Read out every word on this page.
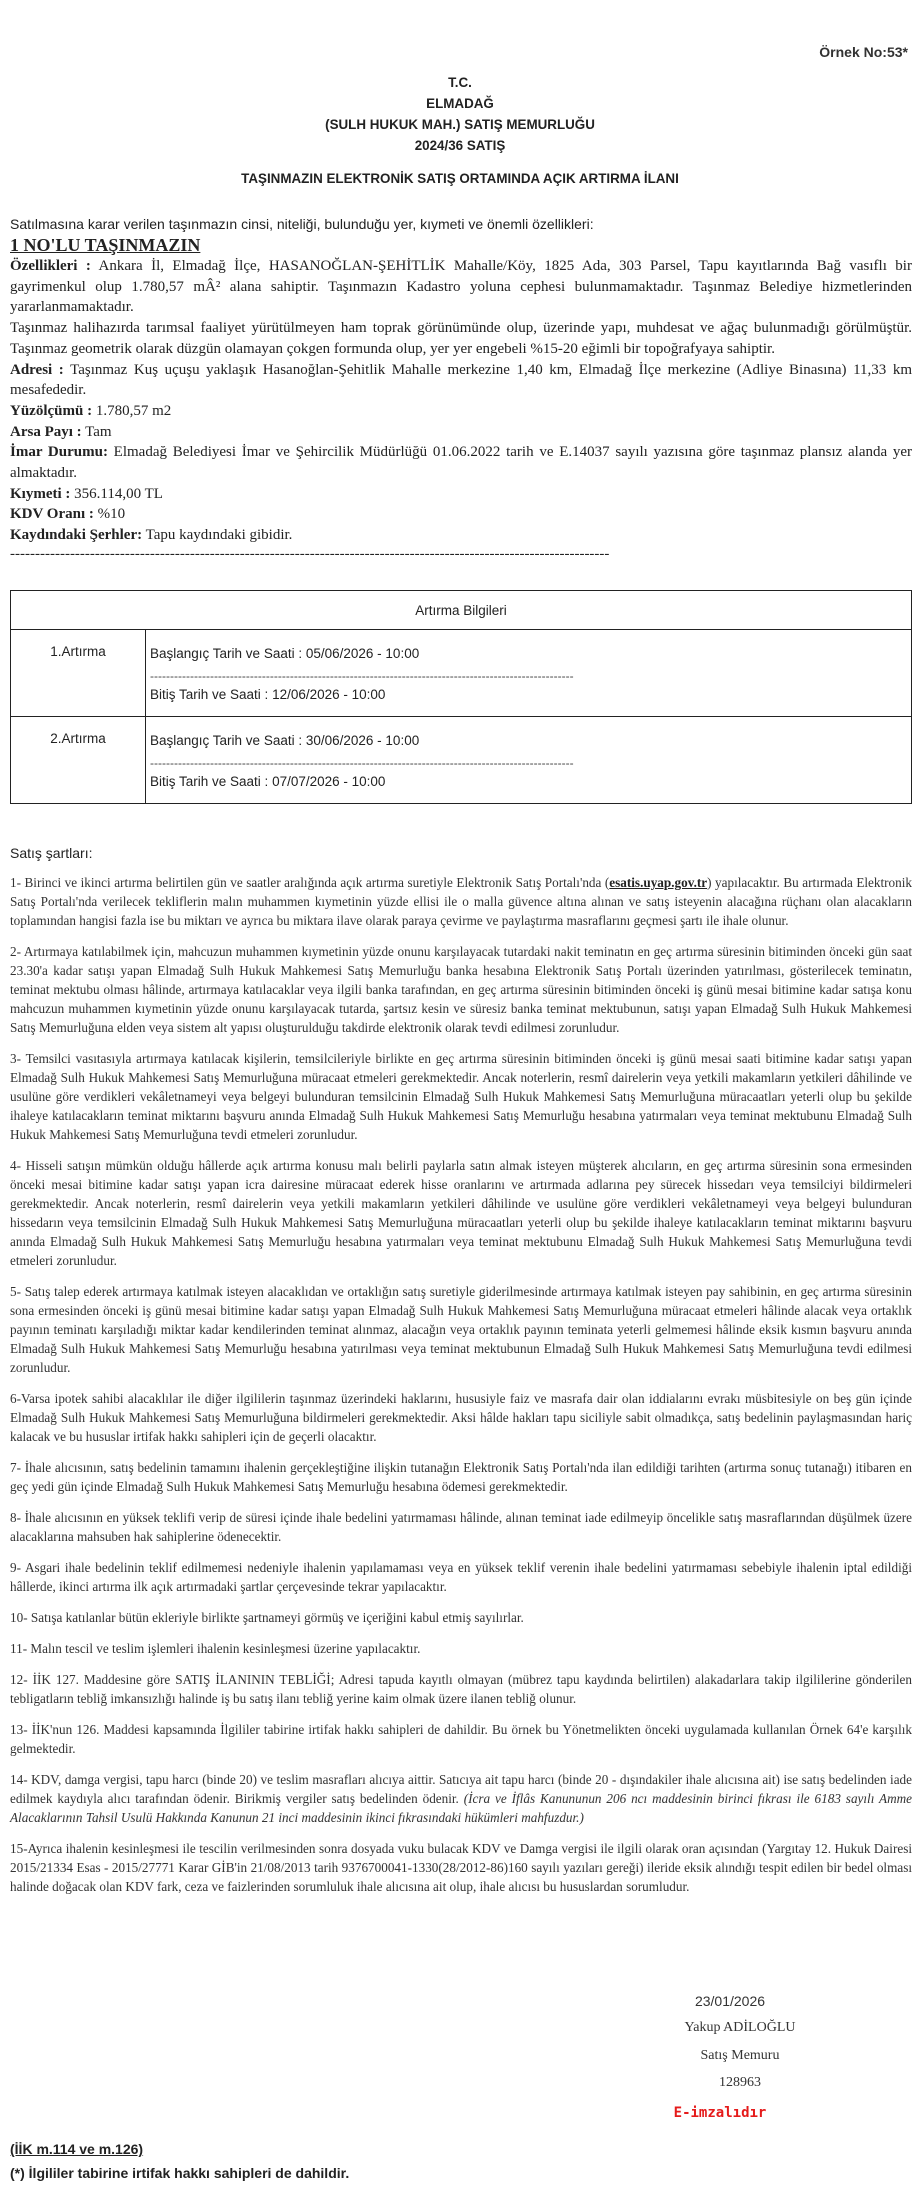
Örnek No:53*
T.C.
ELMADAĞ
(SULH HUKUK MAH.) SATIŞ MEMURLUĞU
2024/36 SATIŞ
TAŞINMAZIN ELEKTRONİK SATIŞ ORTAMINDA AÇIK ARTIRMA İLANI
Satılmasına karar verilen taşınmazın cinsi, niteliği, bulunduğu yer, kıymeti ve önemli özellikleri:
1 NO'LU TAŞINMAZIN
Özellikleri : Ankara İl, Elmadağ İlçe, HASANOĞLAN-ŞEHİTLİK Mahalle/Köy, 1825 Ada, 303 Parsel, Tapu kayıtlarında Bağ vasıflı bir gayrimenkul olup 1.780,57 mÂ² alana sahiptir. Taşınmazın Kadastro yoluna cephesi bulunmamaktadır. Taşınmaz Belediye hizmetlerinden yararlanmamaktadır.
Taşınmaz halihazırda tarımsal faaliyet yürütülmeyen ham toprak görünümünde olup, üzerinde yapı, muhdesat ve ağaç bulunmadığı görülmüştür. Taşınmaz geometrik olarak düzgün olamayan çokgen formunda olup, yer yer engebeli %15-20 eğimli bir topoğrafyaya sahiptir.
Adresi : Taşınmaz Kuş uçuşu yaklaşık Hasanoğlan-Şehitlik Mahalle merkezine 1,40 km, Elmadağ İlçe merkezine (Adliye Binasına) 11,33 km mesafededir.
Yüzölçümü : 1.780,57 m2
Arsa Payı : Tam
İmar Durumu: Elmadağ Belediyesi İmar ve Şehircilik Müdürlüğü 01.06.2022 tarih ve E.14037 sayılı yazısına göre taşınmaz plansız alanda yer almaktadır.
Kıymeti : 356.114,00 TL
KDV Oranı : %10
Kaydındaki Şerhler: Tapu kaydındaki gibidir.
------------------------------------------------------------------------------------------------------------------------
Artırma Bilgileri	
1.Artırma	Başlangıç Tarih ve Saati : 05/06/2026 - 10:00
----------------------------------------------------------------------------------------------------------
Bitiş Tarih ve Saati : 12/06/2026 - 10:00

2.Artırma	Başlangıç Tarih ve Saati : 30/06/2026 - 10:00
----------------------------------------------------------------------------------------------------------
Bitiş Tarih ve Saati : 07/07/2026 - 10:00
Satış şartları:

1- Birinci ve ikinci artırma belirtilen gün ve saatler aralığında açık artırma suretiyle Elektronik Satış Portalı'nda (esatis.uyap.gov.tr) yapılacaktır. Bu artırmada Elektronik Satış Portalı'nda verilecek tekliflerin malın muhammen kıymetinin yüzde ellisi ile o malla güvence altına alınan ve satış isteyenin alacağına rüçhanı olan alacakların toplamından hangisi fazla ise bu miktarı ve ayrıca bu miktara ilave olarak paraya çevirme ve paylaştırma masraflarını geçmesi şartı ile ihale olunur.

2- Artırmaya katılabilmek için, mahcuzun muhammen kıymetinin yüzde onunu karşılayacak tutardaki nakit teminatın en geç artırma süresinin bitiminden önceki gün saat 23.30'a kadar satışı yapan Elmadağ Sulh Hukuk Mahkemesi Satış Memurluğu banka hesabına Elektronik Satış Portalı üzerinden yatırılması, gösterilecek teminatın, teminat mektubu olması hâlinde, artırmaya katılacaklar veya ilgili banka tarafından, en geç artırma süresinin bitiminden önceki iş günü mesai bitimine kadar satışa konu mahcuzun muhammen kıymetinin yüzde onunu karşılayacak tutarda, şartsız kesin ve süresiz banka teminat mektubunun, satışı yapan Elmadağ Sulh Hukuk Mahkemesi Satış Memurluğuna elden veya sistem alt yapısı oluşturulduğu takdirde elektronik olarak tevdi edilmesi zorunludur.

3- Temsilci vasıtasıyla artırmaya katılacak kişilerin, temsilcileriyle birlikte en geç artırma süresinin bitiminden önceki iş günü mesai saati bitimine kadar satışı yapan Elmadağ Sulh Hukuk Mahkemesi Satış Memurluğuna müracaat etmeleri gerekmektedir. Ancak noterlerin, resmî dairelerin veya yetkili makamların yetkileri dâhilinde ve usulüne göre verdikleri vekâletnameyi veya belgeyi bulunduran temsilcinin Elmadağ Sulh Hukuk Mahkemesi Satış Memurluğuna müracaatları yeterli olup bu şekilde ihaleye katılacakların teminat miktarını başvuru anında Elmadağ Sulh Hukuk Mahkemesi Satış Memurluğu hesabına yatırmaları veya teminat mektubunu Elmadağ Sulh Hukuk Mahkemesi Satış Memurluğuna tevdi etmeleri zorunludur.

4- Hisseli satışın mümkün olduğu hâllerde açık artırma konusu malı belirli paylarla satın almak isteyen müşterek alıcıların, en geç artırma süresinin sona ermesinden önceki mesai bitimine kadar satışı yapan icra dairesine müracaat ederek hisse oranlarını ve artırmada adlarına pey sürecek hissedarı veya temsilciyi bildirmeleri gerekmektedir. Ancak noterlerin, resmî dairelerin veya yetkili makamların yetkileri dâhilinde ve usulüne göre verdikleri vekâletnameyi veya belgeyi bulunduran hissedarın veya temsilcinin Elmadağ Sulh Hukuk Mahkemesi Satış Memurluğuna müracaatları yeterli olup bu şekilde ihaleye katılacakların teminat miktarını başvuru anında Elmadağ Sulh Hukuk Mahkemesi Satış Memurluğu hesabına yatırmaları veya teminat mektubunu Elmadağ Sulh Hukuk Mahkemesi Satış Memurluğuna tevdi etmeleri zorunludur.

5- Satış talep ederek artırmaya katılmak isteyen alacaklıdan ve ortaklığın satış suretiyle giderilmesinde artırmaya katılmak isteyen pay sahibinin, en geç artırma süresinin sona ermesinden önceki iş günü mesai bitimine kadar satışı yapan Elmadağ Sulh Hukuk Mahkemesi Satış Memurluğuna müracaat etmeleri hâlinde alacak veya ortaklık payının teminatı karşıladığı miktar kadar kendilerinden teminat alınmaz, alacağın veya ortaklık payının teminata yeterli gelmemesi hâlinde eksik kısmın başvuru anında Elmadağ Sulh Hukuk Mahkemesi Satış Memurluğu hesabına yatırılması veya teminat mektubunun Elmadağ Sulh Hukuk Mahkemesi Satış Memurluğuna tevdi edilmesi zorunludur.

6-Varsa ipotek sahibi alacaklılar ile diğer ilgililerin taşınmaz üzerindeki haklarını, hususiyle faiz ve masrafa dair olan iddialarını evrakı müsbitesiyle on beş gün içinde Elmadağ Sulh Hukuk Mahkemesi Satış Memurluğuna bildirmeleri gerekmektedir. Aksi hâlde hakları tapu siciliyle sabit olmadıkça, satış bedelinin paylaşmasından hariç kalacak ve bu hususlar irtifak hakkı sahipleri için de geçerli olacaktır.

7- İhale alıcısının, satış bedelinin tamamını ihalenin gerçekleştiğine ilişkin tutanağın Elektronik Satış Portalı'nda ilan edildiği tarihten (artırma sonuç tutanağı) itibaren en geç yedi gün içinde Elmadağ Sulh Hukuk Mahkemesi Satış Memurluğu hesabına ödemesi gerekmektedir.

8- İhale alıcısının en yüksek teklifi verip de süresi içinde ihale bedelini yatırmaması hâlinde, alınan teminat iade edilmeyip öncelikle satış masraflarından düşülmek üzere alacaklarına mahsuben hak sahiplerine ödenecektir.

9- Asgari ihale bedelinin teklif edilmemesi nedeniyle ihalenin yapılamaması veya en yüksek teklif verenin ihale bedelini yatırmaması sebebiyle ihalenin iptal edildiği hâllerde, ikinci artırma ilk açık artırmadaki şartlar çerçevesinde tekrar yapılacaktır.

10- Satışa katılanlar bütün ekleriyle birlikte şartnameyi görmüş ve içeriğini kabul etmiş sayılırlar.

11- Malın tescil ve teslim işlemleri ihalenin kesinleşmesi üzerine yapılacaktır.

12- İİK 127. Maddesine göre SATIŞ İLANININ TEBLİĞİ; Adresi tapuda kayıtlı olmayan (mübrez tapu kaydında belirtilen) alakadarlara takip ilgililerine gönderilen tebligatların tebliğ imkansızlığı halinde iş bu satış ilanı tebliğ yerine kaim olmak üzere ilanen tebliğ olunur.

13- İİK'nun 126. Maddesi kapsamında İlgililer tabirine irtifak hakkı sahipleri de dahildir. Bu örnek bu Yönetmelikten önceki uygulamada kullanılan Örnek 64'e karşılık gelmektedir.

14- KDV, damga vergisi, tapu harcı (binde 20) ve teslim masrafları alıcıya aittir. Satıcıya ait tapu harcı (binde 20 - dışındakiler ihale alıcısına ait) ise satış bedelinden iade edilmek kaydıyla alıcı tarafından ödenir. Birikmiş vergiler satış bedelinden ödenir. (İcra ve İflâs Kanununun 206 ncı maddesinin birinci fıkrası ile 6183 sayılı Amme Alacaklarının Tahsil Usulü Hakkında Kanunun 21 inci maddesinin ikinci fıkrasındaki hükümleri mahfuzdur.)

15-Ayrıca ihalenin kesinleşmesi ile tescilin verilmesinden sonra dosyada vuku bulacak KDV ve Damga vergisi ile ilgili olarak oran açısından (Yargıtay 12. Hukuk Dairesi 2015/21334 Esas - 2015/27771 Karar GİB'in 21/08/2013 tarih 9376700041-1330(28/2012-86)160 sayılı yazıları gereği) ileride eksik alındığı tespit edilen bir bedel olması halinde doğacak olan KDV fark, ceza ve faizlerinden sorumluluk ihale alıcısına ait olup, ihale alıcısı bu hususlardan sorumludur.

23/01/2026
Yakup ADİLOĞLU
Satış Memuru
128963
E-imzalıdır
(İİK m.114 ve m.126)
(*) İlgililer tabirine irtifak hakkı sahipleri de dahildir.
